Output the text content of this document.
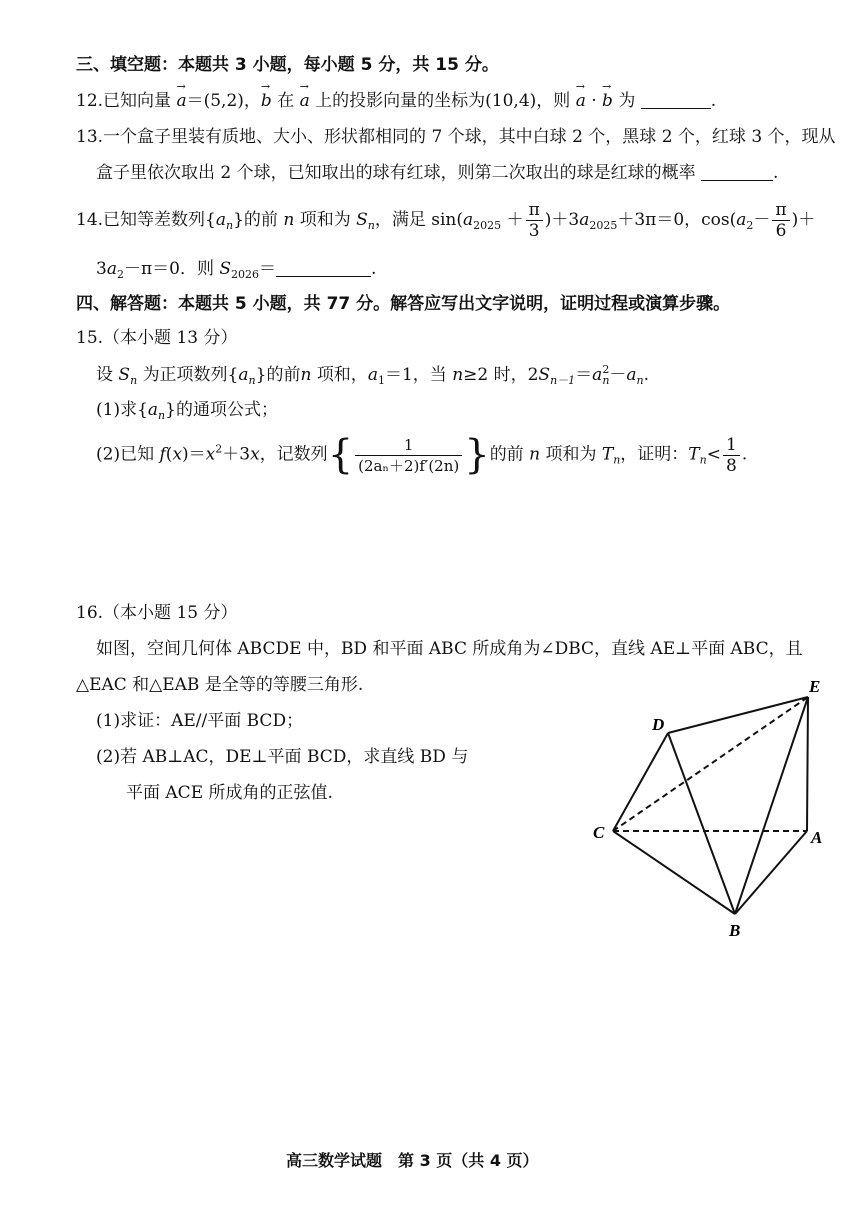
三、填空题：本题共 3 小题，每小题 5 分，共 15 分。
12.已知向量 → a＝(5,2)，→ b 在 → a 上的投影向量的坐标为(10,4)，则 → a · → b 为	.
13.一个盒子里装有质地、大小、形状都相同的 7 个球，其中白球 2 个，黑球 2 个，红球 3 个，现从
盒子里依次取出 2 个球，已知取出的球有红球，则第二次取出的球是红球的概率	.
14.已知等差数列$\{a_n\}$的前 n 项和为 $S_n$，满足 $\sin(a_{2025} + \frac{\pi}{3} )+3a_{2025}+3\pi=0$，$\cos(a_2- \frac{\pi}{6}$ )＋
$3a_2-\pi=0$．则 $S_{2026}=$	.
四、解答题：本题共 5 小题，共 77 分。解答应写出文字说明，证明过程或演算步骤。
15.（本小题 13 分）
设 $S_n$ 为正项数列$\{a_n\}$的前n 项和，$a_1=1$，当 n≥2 时，$2S_{n-1}=a^2_n-a_n$.
(1)求$\{a_n\}$的通项公式；
(2)已知 $f(x)=x^2+3x$，记数列{ $\frac{1}{\text{(2aₙ＋2)f′(2n)}}$ }的前 n 项和为 $T_n$，证明：$T_n< \frac{1}{8}$ .
16.（本小题 15 分）
如图，空间几何体 ABCDE 中，BD 和平面 ABC 所成角为∠DBC，直线 AE⊥平面 ABC，且
△EAC 和△EAB 是全等的等腰三角形.
(1)求证：AE//平面 BCD；
(2)若 AB⊥AC，DE⊥平面 BCD，求直线 BD 与
平面 ACE 所成角的正弦值.
E
D
C	A
B
高三数学试题　第 3 页（共 4 页）
